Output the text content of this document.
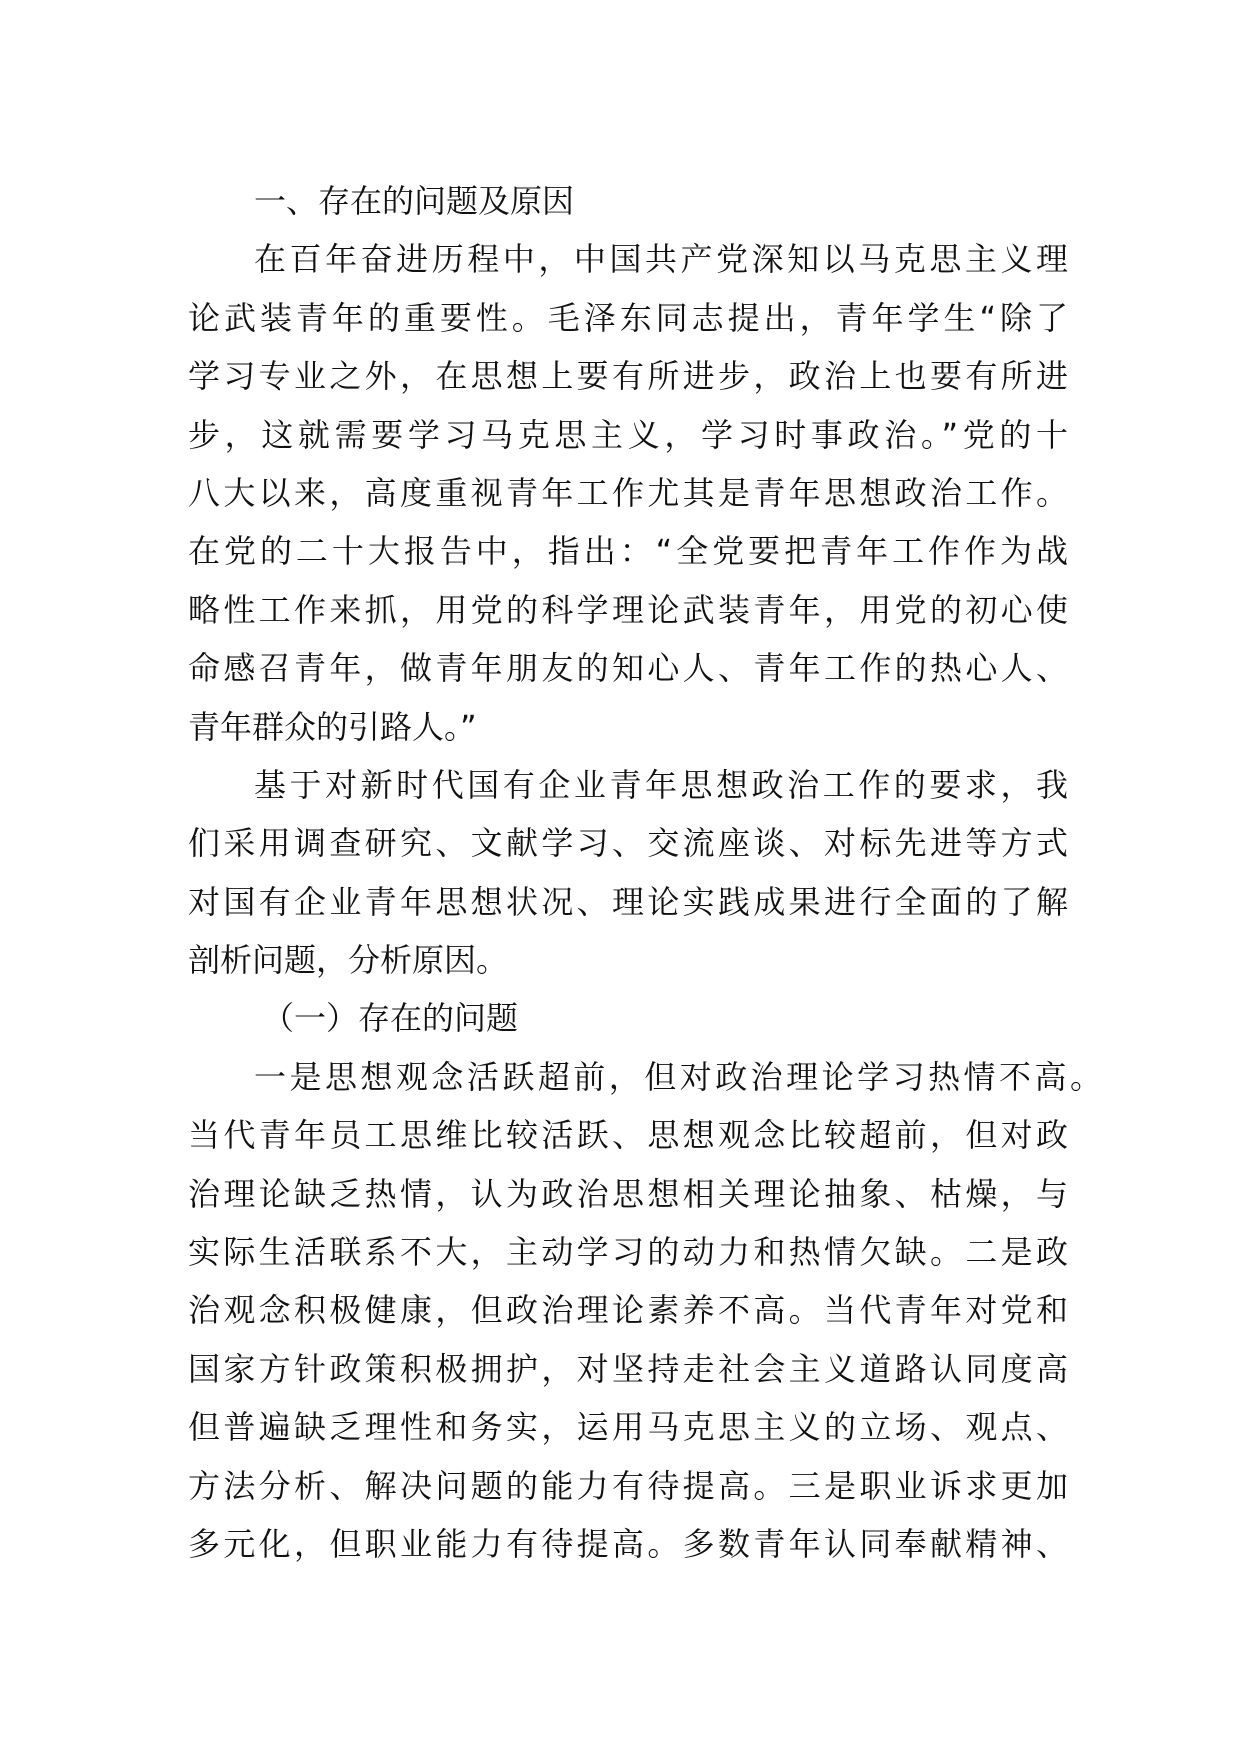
一、存在的问题及原因
在百年奋进历程中，中国共产党深知以马克思主义理
论武装青年的重要性。毛泽东同志提出，青年学生“除了
学习专业之外，在思想上要有所进步，政治上也要有所进
步，这就需要学习马克思主义，学习时事政治。”党的十
八大以来，高度重视青年工作尤其是青年思想政治工作。
在党的二十大报告中，指出：“全党要把青年工作作为战
略性工作来抓，用党的科学理论武装青年，用党的初心使
命感召青年，做青年朋友的知心人、青年工作的热心人、
青年群众的引路人。”
基于对新时代国有企业青年思想政治工作的要求，我
们采用调查研究、文献学习、交流座谈、对标先进等方式
对国有企业青年思想状况、理论实践成果进行全面的了解
剖析问题，分析原因。
（一）存在的问题
一是思想观念活跃超前，但对政治理论学习热情不高。
当代青年员工思维比较活跃、思想观念比较超前，但对政
治理论缺乏热情，认为政治思想相关理论抽象、枯燥，与
实际生活联系不大，主动学习的动力和热情欠缺。二是政
治观念积极健康，但政治理论素养不高。当代青年对党和
国家方针政策积极拥护，对坚持走社会主义道路认同度高
但普遍缺乏理性和务实，运用马克思主义的立场、观点、
方法分析、解决问题的能力有待提高。三是职业诉求更加
多元化，但职业能力有待提高。多数青年认同奉献精神、
